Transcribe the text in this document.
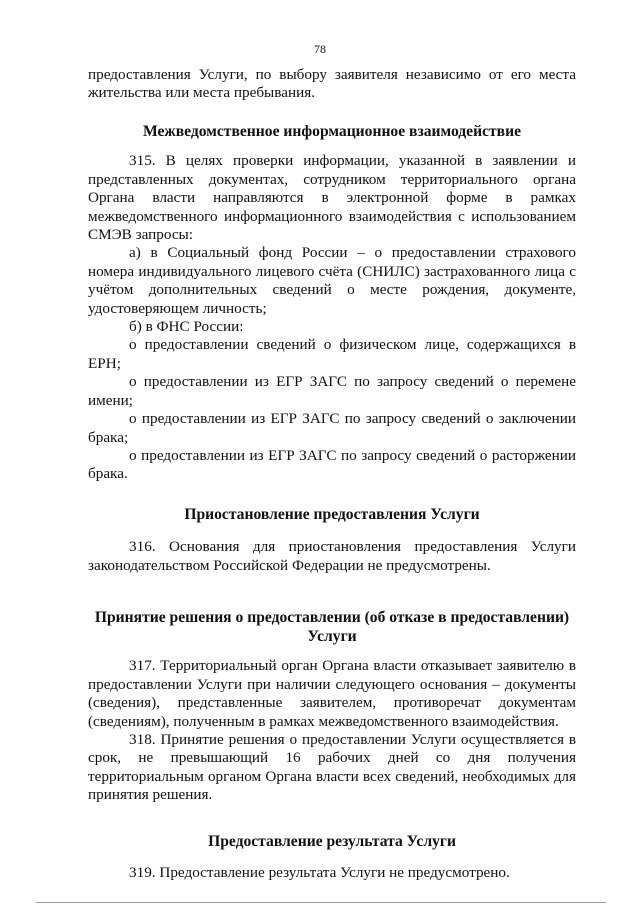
78

предоставления Услуги, по выбору заявителя независимо от его места жительства или места пребывания.

Межведомственное информационное взаимодействие

315. В целях проверки информации, указанной в заявлении и представленных документах, сотрудником территориального органа Органа власти направляются в электронной форме в рамках межведомственного информационного взаимодействия с использованием СМЭВ запросы:

а) в Социальный фонд России – о предоставлении страхового номера индивидуального лицевого счёта (СНИЛС) застрахованного лица с учётом дополнительных сведений о месте рождения, документе, удостоверяющем личность;

б) в ФНС России:

о предоставлении сведений о физическом лице, содержащихся в ЕРН;

о предоставлении из ЕГР ЗАГС по запросу сведений о перемене имени;

о предоставлении из ЕГР ЗАГС по запросу сведений о заключении брака;

о предоставлении из ЕГР ЗАГС по запросу сведений о расторжении брака.

Приостановление предоставления Услуги

316. Основания для приостановления предоставления Услуги законодательством Российской Федерации не предусмотрены.

Принятие решения о предоставлении (об отказе в предоставлении)
Услуги

317. Территориальный орган Органа власти отказывает заявителю в предоставлении Услуги при наличии следующего основания – документы (сведения), представленные заявителем, противоречат документам (сведениям), полученным в рамках межведомственного взаимодействия.

318. Принятие решения о предоставлении Услуги осуществляется в срок, не превышающий 16 рабочих дней со дня получения территориальным органом Органа власти всех сведений, необходимых для принятия решения.

Предоставление результата Услуги

319. Предоставление результата Услуги не предусмотрено.
